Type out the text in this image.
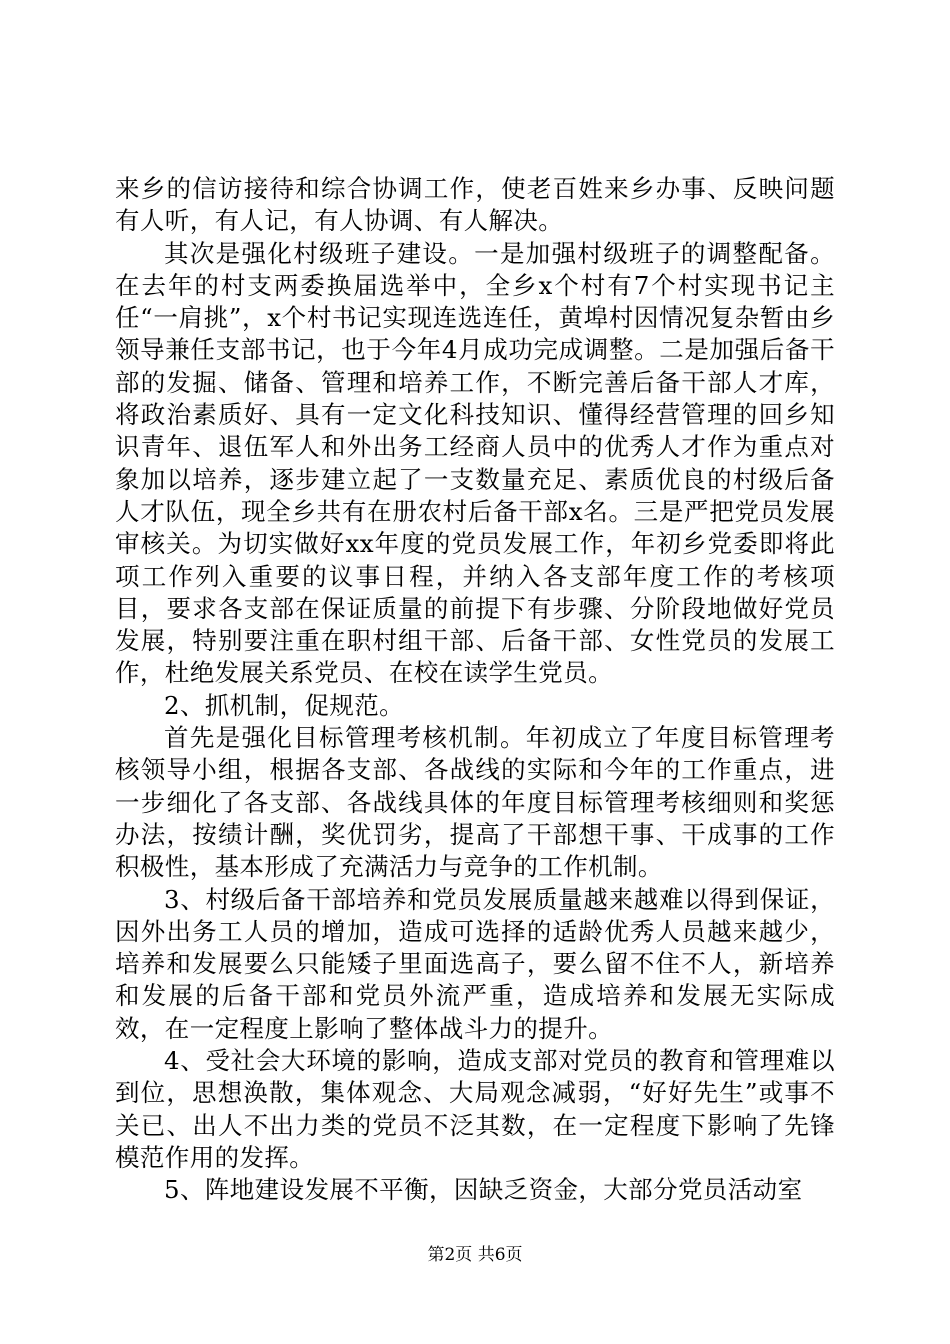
来乡的信访接待和综合协调工作，使老百姓来乡办事、反映问题有人听，有人记，有人协调、有人解决。

其次是强化村级班子建设。一是加强村级班子的调整配备。在去年的村支两委换届选举中，全乡x个村有7个村实现书记主任“一肩挑”，x个村书记实现连选连任，黄埠村因情况复杂暂由乡领导兼任支部书记，也于今年4月成功完成调整。二是加强后备干部的发掘、储备、管理和培养工作，不断完善后备干部人才库，将政治素质好、具有一定文化科技知识、懂得经营管理的回乡知识青年、退伍军人和外出务工经商人员中的优秀人才作为重点对象加以培养，逐步建立起了一支数量充足、素质优良的村级后备人才队伍，现全乡共有在册农村后备干部x名。三是严把党员发展审核关。为切实做好xx年度的党员发展工作，年初乡党委即将此项工作列入重要的议事日程，并纳入各支部年度工作的考核项目，要求各支部在保证质量的前提下有步骤、分阶段地做好党员发展，特别要注重在职村组干部、后备干部、女性党员的发展工作，杜绝发展关系党员、在校在读学生党员。

2、抓机制，促规范。

首先是强化目标管理考核机制。年初成立了年度目标管理考核领导小组，根据各支部、各战线的实际和今年的工作重点，进一步细化了各支部、各战线具体的年度目标管理考核细则和奖惩办法，按绩计酬，奖优罚劣，提高了干部想干事、干成事的工作积极性，基本形成了充满活力与竞争的工作机制。

3、村级后备干部培养和党员发展质量越来越难以得到保证，因外出务工人员的增加，造成可选择的适龄优秀人员越来越少，培养和发展要么只能矮子里面选高子，要么留不住不人，新培养和发展的后备干部和党员外流严重，造成培养和发展无实际成效，在一定程度上影响了整体战斗力的提升。

4、受社会大环境的影响，造成支部对党员的教育和管理难以到位，思想涣散，集体观念、大局观念减弱，“好好先生”或事不关已、出人不出力类的党员不泛其数，在一定程度下影响了先锋模范作用的发挥。

5、阵地建设发展不平衡，因缺乏资金，大部分党员活动室

第2页 共6页
